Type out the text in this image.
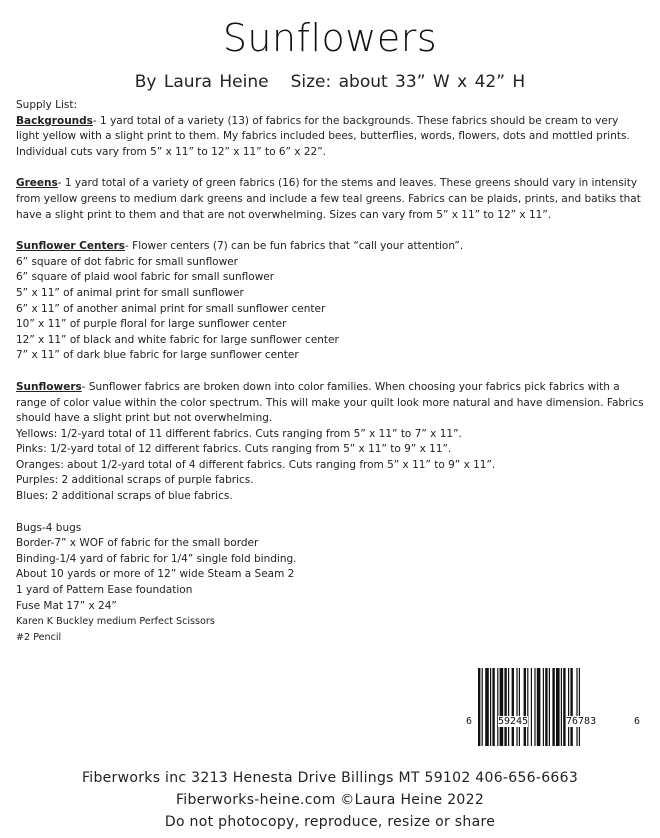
Sunflowers
By Laura Heine Size: about 33” W x 42” H

Supply List:

Backgrounds- 1 yard total of a variety (13) of fabrics for the backgrounds. These fabrics should be cream to very light yellow with a slight print to them. My fabrics included bees, butterflies, words, flowers, dots and mottled prints. Individual cuts vary from 5” x 11” to 12” x 11” to 6” x 22”.

Greens- 1 yard total of a variety of green fabrics (16) for the stems and leaves. These greens should vary in intensity from yellow greens to medium dark greens and include a few teal greens. Fabrics can be plaids, prints, and batiks that have a slight print to them and that are not overwhelming. Sizes can vary from 5” x 11” to 12” x 11”.

Sunflower Centers- Flower centers (7) can be fun fabrics that “call your attention”.

6” square of dot fabric for small sunflower

6” square of plaid wool fabric for small sunflower

5” x 11” of animal print for small sunflower

6” x 11” of another animal print for small sunflower center

10” x 11” of purple floral for large sunflower center

12” x 11” of black and white fabric for large sunflower center

7” x 11” of dark blue fabric for large sunflower center

Sunflowers- Sunflower fabrics are broken down into color families. When choosing your fabrics pick fabrics with a range of color value within the color spectrum. This will make your quilt look more natural and have dimension. Fabrics should have a slight print but not overwhelming.

Yellows: 1/2-yard total of 11 different fabrics. Cuts ranging from 5” x 11” to 7” x 11”.

Pinks: 1/2-yard total of 12 different fabrics. Cuts ranging from 5” x 11” to 9” x 11”.

Oranges: about 1/2-yard total of 4 different fabrics. Cuts ranging from 5” x 11” to 9” x 11”.

Purples: 2 additional scraps of purple fabrics.

Blues: 2 additional scraps of blue fabrics.

Bugs-4 bugs

Border-7” x WOF of fabric for the small border

Binding-1/4 yard of fabric for 1/4” single fold binding.

About 10 yards or more of 12” wide Steam a Seam 2

1 yard of Pattern Ease foundation

Fuse Mat 17” x 24”

Karen K Buckley medium Perfect Scissors

#2 Pencil

6	59245	76783	6
Fiberworks inc 3213 Henesta Drive Billings MT 59102 406-656-6663
Fiberworks-heine.com ©Laura Heine 2022
Do not photocopy, reproduce, resize or share
